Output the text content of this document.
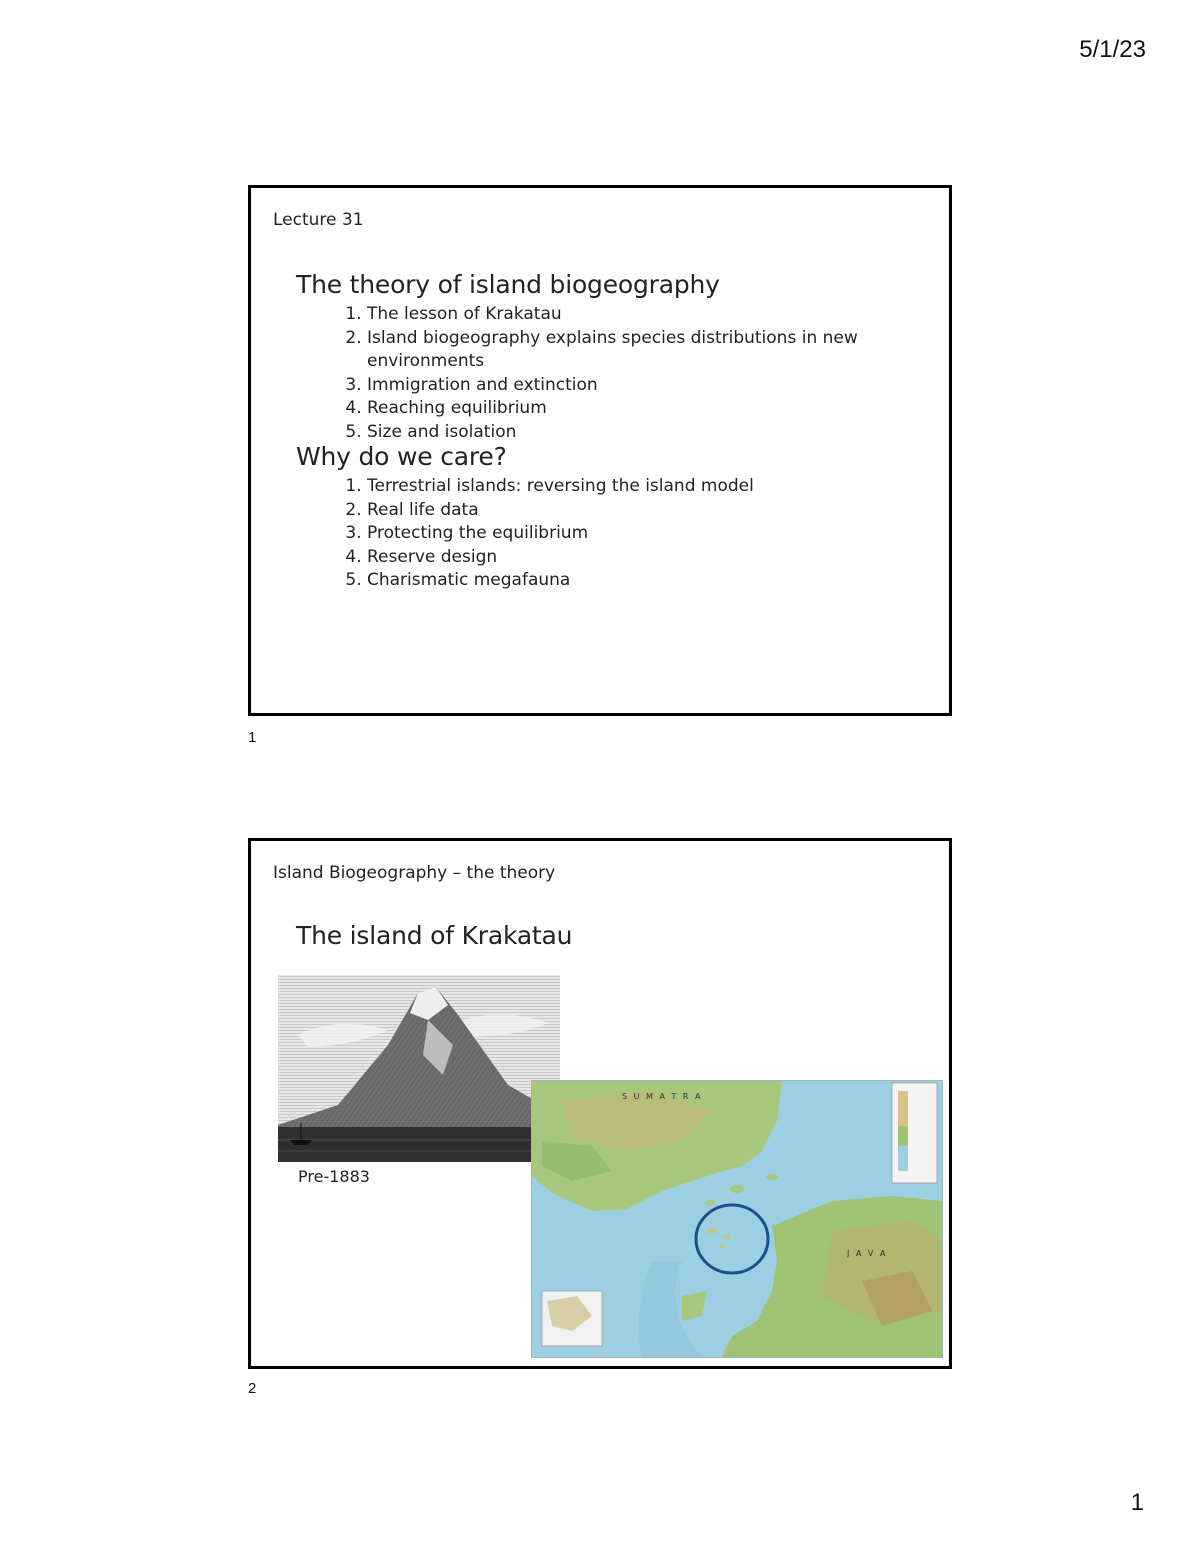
5/1/23
Lecture 31
The theory of island biogeography
1. The lesson of Krakatau
2. Island biogeography explains species distributions in new environments
3. Immigration and extinction
4. Reaching equilibrium
5. Size and isolation
Why do we care?
1. Terrestrial islands: reversing the island model
2. Real life data
3. Protecting the equilibrium
4. Reserve design
5. Charismatic megafauna
1
Island Biogeography – the theory
The island of Krakatau
Pre-1883
S U M A T R A
J A V A
2
1
